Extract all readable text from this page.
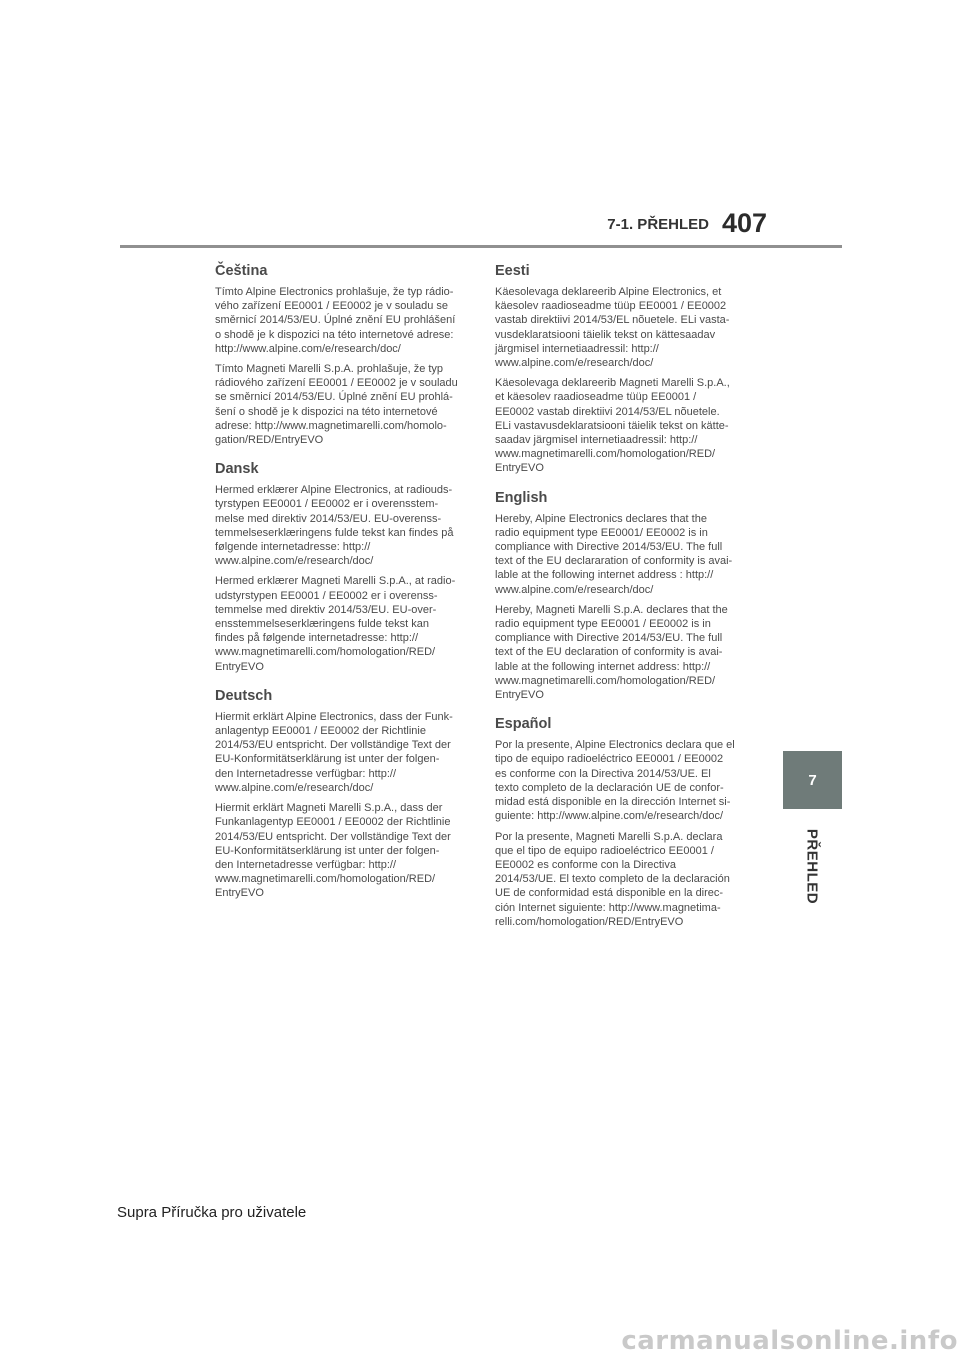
7-1. PŘEHLED 407
Čeština

Tímto Alpine Electronics prohlašuje, že typ rádio-
vého zařízení EE0001 / EE0002 je v souladu se
směrnicí 2014/53/EU. Úplné znění EU prohlášení
o shodě je k dispozici na této internetové adrese:
http://www.alpine.com/e/research/doc/

Tímto Magneti Marelli S.p.A. prohlašuje, že typ
rádiového zařízení EE0001 / EE0002 je v souladu
se směrnicí 2014/53/EU. Úplné znění EU prohlá-
šení o shodě je k dispozici na této internetové
adrese: http://www.magnetimarelli.com/homolo-
gation/RED/EntryEVO

Dansk

Hermed erklærer Alpine Electronics, at radiouds-
tyrstypen EE0001 / EE0002 er i overensstem-
melse med direktiv 2014/53/EU. EU-overenss-
temmelseserklæringens fulde tekst kan findes på
følgende internetadresse: http://
www.alpine.com/e/research/doc/

Hermed erklærer Magneti Marelli S.p.A., at radio-
udstyrstypen EE0001 / EE0002 er i overenss-
temmelse med direktiv 2014/53/EU. EU-over-
ensstemmelseserklæringens fulde tekst kan
findes på følgende internetadresse: http://
www.magnetimarelli.com/homologation/RED/
EntryEVO

Deutsch

Hiermit erklärt Alpine Electronics, dass der Funk-
anlagentyp EE0001 / EE0002 der Richtlinie
2014/53/EU entspricht. Der vollständige Text der
EU-Konformitätserklärung ist unter der folgen-
den Internetadresse verfügbar: http://
www.alpine.com/e/research/doc/

Hiermit erklärt Magneti Marelli S.p.A., dass der
Funkanlagentyp EE0001 / EE0002 der Richtlinie
2014/53/EU entspricht. Der vollständige Text der
EU-Konformitätserklärung ist unter der folgen-
den Internetadresse verfügbar: http://
www.magnetimarelli.com/homologation/RED/
EntryEVO

Eesti

Käesolevaga deklareerib Alpine Electronics, et
käesolev raadioseadme tüüp EE0001 / EE0002
vastab direktiivi 2014/53/EL nõuetele. ELi vasta-
vusdeklaratsiooni täielik tekst on kättesaadav
järgmisel internetiaadressil: http://
www.alpine.com/e/research/doc/

Käesolevaga deklareerib Magneti Marelli S.p.A.,
et käesolev raadioseadme tüüp EE0001 /
EE0002 vastab direktiivi 2014/53/EL nõuetele.
ELi vastavusdeklaratsiooni täielik tekst on kätte-
saadav järgmisel internetiaadressil: http://
www.magnetimarelli.com/homologation/RED/
EntryEVO

English

Hereby, Alpine Electronics declares that the
radio equipment type EE0001/ EE0002 is in
compliance with Directive 2014/53/EU. The full
text of the EU declararation of conformity is avai-
lable at the following internet address : http://
www.alpine.com/e/research/doc/

Hereby, Magneti Marelli S.p.A. declares that the
radio equipment type EE0001 / EE0002 is in
compliance with Directive 2014/53/EU. The full
text of the EU declaration of conformity is avai-
lable at the following internet address: http://
www.magnetimarelli.com/homologation/RED/
EntryEVO

Español

Por la presente, Alpine Electronics declara que el
tipo de equipo radioeléctrico EE0001 / EE0002
es conforme con la Directiva 2014/53/UE. El
texto completo de la declaración UE de confor-
midad está disponible en la dirección Internet si-
guiente: http://www.alpine.com/e/research/doc/

Por la presente, Magneti Marelli S.p.A. declara
que el tipo de equipo radioeléctrico EE0001 /
EE0002 es conforme con la Directiva
2014/53/UE. El texto completo de la declaración
UE de conformidad está disponible en la direc-
ción Internet siguiente: http://www.magnetima-
relli.com/homologation/RED/EntryEVO

7
PŘEHLED
Supra Příručka pro uživatele
carmanualsonline.info
